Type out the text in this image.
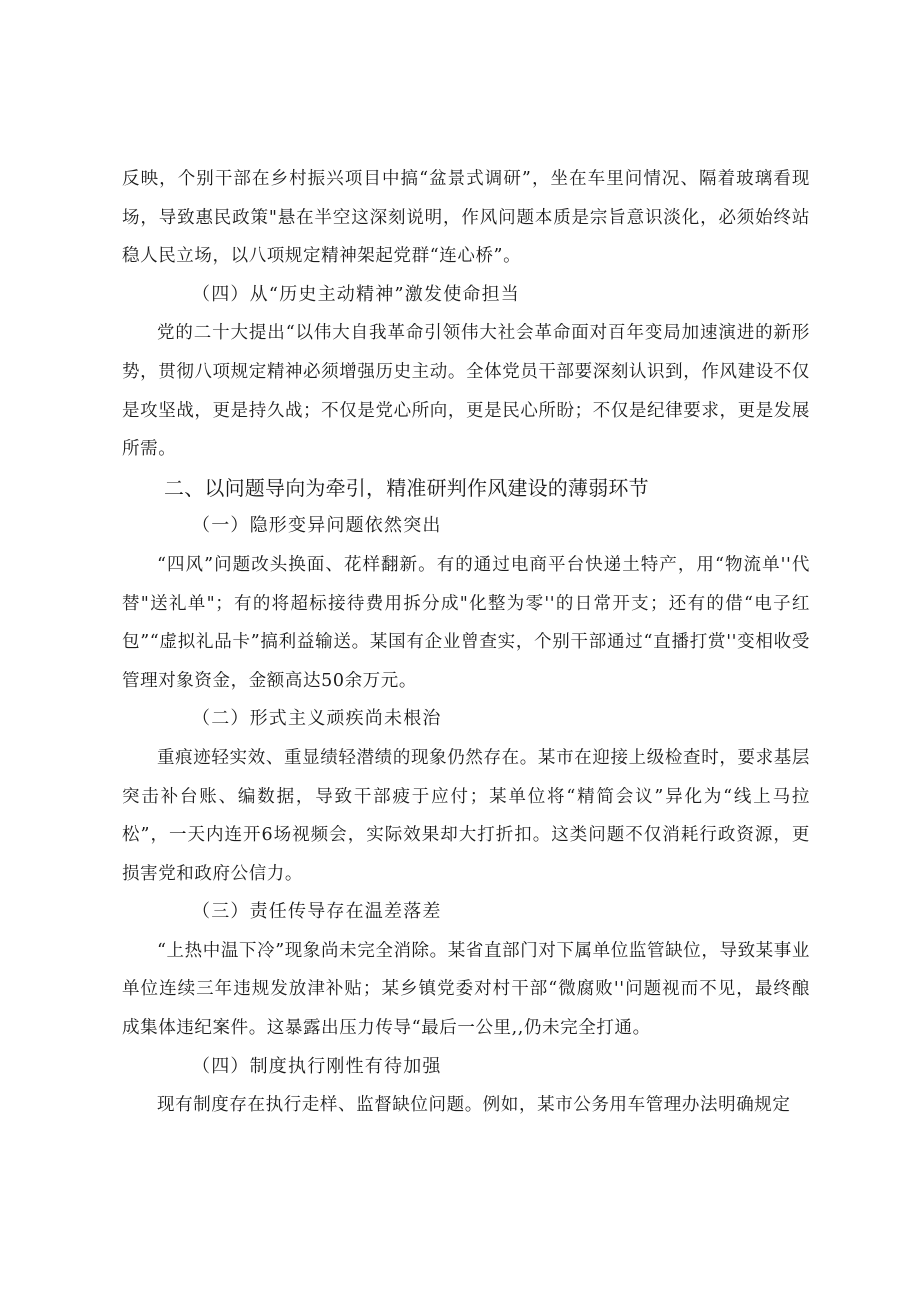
反映，个别干部在乡村振兴项目中搞“盆景式调研”，坐在车里问情况、隔着玻璃看现场，导致惠民政策"悬在半空这深刻说明，作风问题本质是宗旨意识淡化，必须始终站稳人民立场，以八项规定精神架起党群“连心桥”。

（四）从“历史主动精神”激发使命担当

党的二十大提出“以伟大自我革命引领伟大社会革命面对百年变局加速演进的新形势，贯彻八项规定精神必须增强历史主动。全体党员干部要深刻认识到，作风建设不仅是攻坚战，更是持久战；不仅是党心所向，更是民心所盼；不仅是纪律要求，更是发展所需。

二、以问题导向为牵引，精准研判作风建设的薄弱环节

（一）隐形变异问题依然突出

“四风”问题改头换面、花样翻新。有的通过电商平台快递土特产，用“物流单''代替"送礼单"；有的将超标接待费用拆分成"化整为零''的日常开支；还有的借“电子红包”“虚拟礼品卡”搞利益输送。某国有企业曾查实，个别干部通过“直播打赏''变相收受管理对象资金，金额高达50余万元。

（二）形式主义顽疾尚未根治

重痕迹轻实效、重显绩轻潜绩的现象仍然存在。某市在迎接上级检查时，要求基层突击补台账、编数据，导致干部疲于应付；某单位将“精简会议”异化为“线上马拉松”，一天内连开6场视频会，实际效果却大打折扣。这类问题不仅消耗行政资源，更损害党和政府公信力。

（三）责任传导存在温差落差

“上热中温下冷”现象尚未完全消除。某省直部门对下属单位监管缺位，导致某事业单位连续三年违规发放津补贴；某乡镇党委对村干部“微腐败''问题视而不见，最终酿成集体违纪案件。这暴露出压力传导“最后一公里,,仍未完全打通。

（四）制度执行刚性有待加强

现有制度存在执行走样、监督缺位问题。例如，某市公务用车管理办法明确规定
